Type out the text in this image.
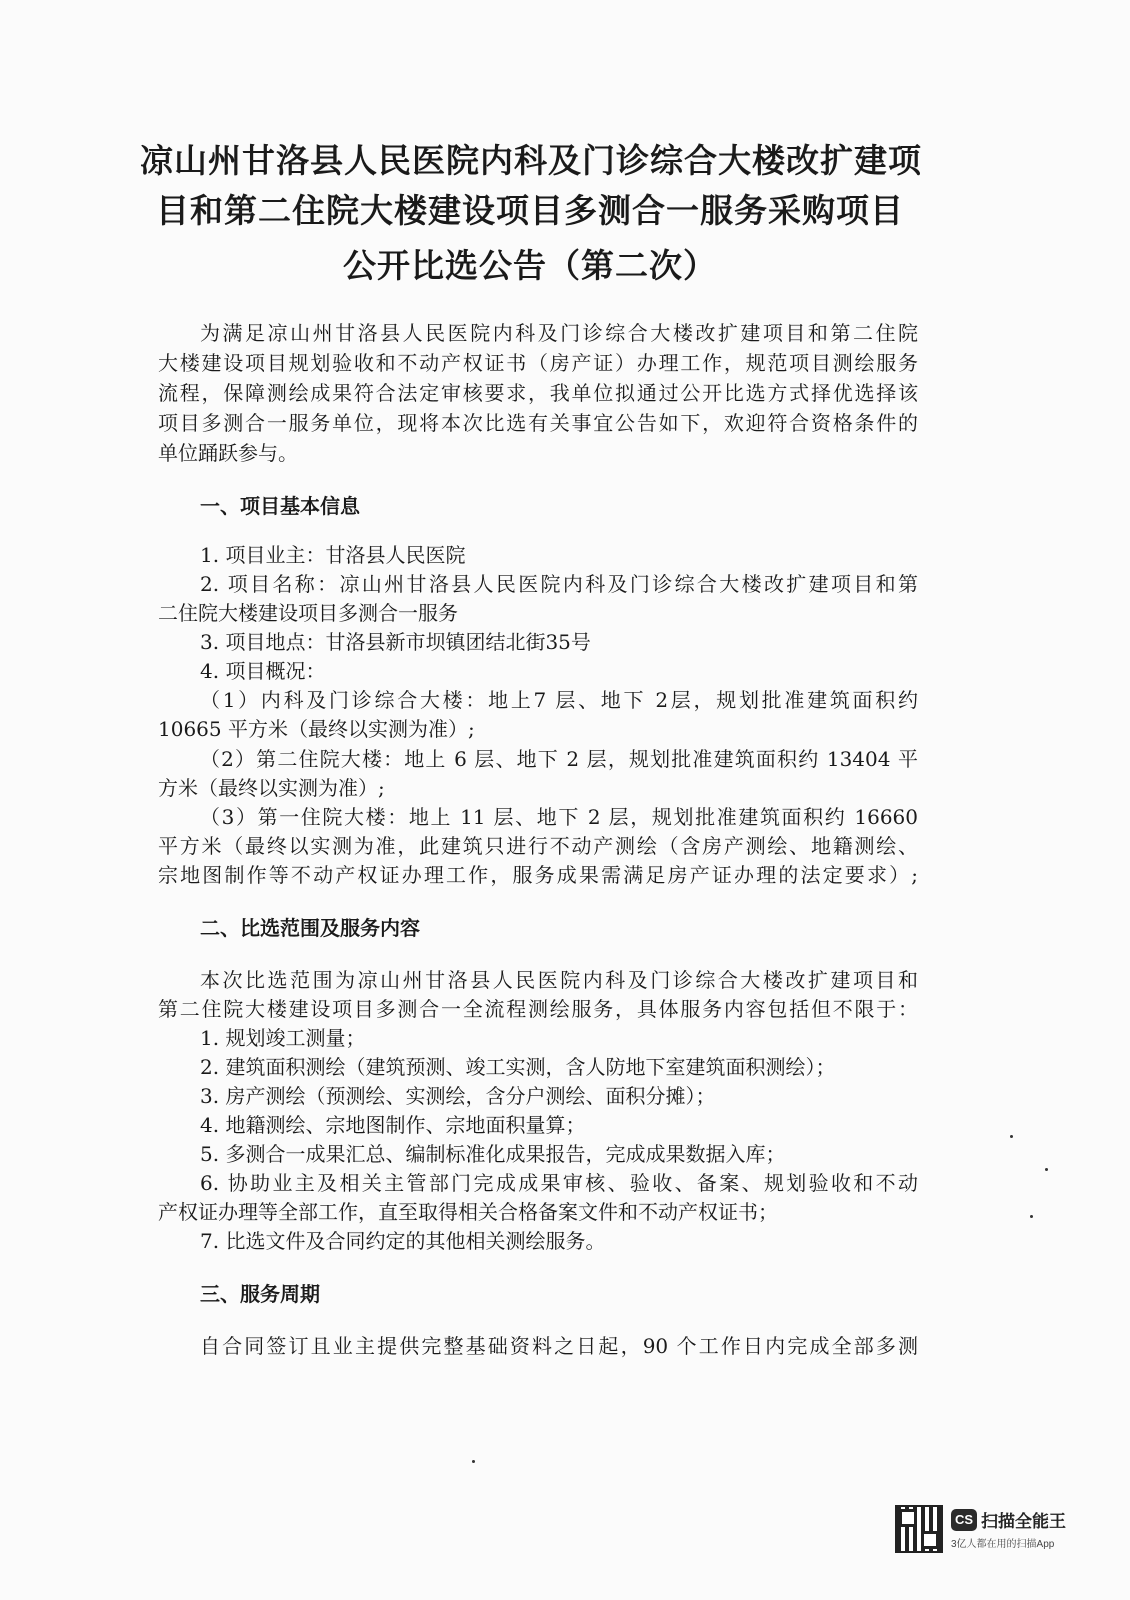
凉山州甘洛县人民医院内科及门诊综合大楼改扩建项
目和第二住院大楼建设项目多测合一服务采购项目
公开比选公告（第二次）
为满足凉山州甘洛县人民医院内科及门诊综合大楼改扩建项目和第二住院
大楼建设项目规划验收和不动产权证书（房产证）办理工作，规范项目测绘服务
流程，保障测绘成果符合法定审核要求，我单位拟通过公开比选方式择优选择该
项目多测合一服务单位，现将本次比选有关事宜公告如下，欢迎符合资格条件的
单位踊跃参与。
一、项目基本信息
1. 项目业主：甘洛县人民医院
2. 项目名称：凉山州甘洛县人民医院内科及门诊综合大楼改扩建项目和第
二住院大楼建设项目多测合一服务
3. 项目地点：甘洛县新市坝镇团结北街35号
4. 项目概况：
（1）内科及门诊综合大楼：地上7 层、地下 2层，规划批准建筑面积约
10665 平方米（最终以实测为准）;
（2）第二住院大楼：地上 6 层、地下 2 层，规划批准建筑面积约 13404 平
方米（最终以实测为准）;
（3）第一住院大楼：地上 11 层、地下 2 层，规划批准建筑面积约 16660
平方米（最终以实测为准，此建筑只进行不动产测绘（含房产测绘、地籍测绘、
宗地图制作等不动产权证办理工作，服务成果需满足房产证办理的法定要求）;
二、比选范围及服务内容
本次比选范围为凉山州甘洛县人民医院内科及门诊综合大楼改扩建项目和
第二住院大楼建设项目多测合一全流程测绘服务，具体服务内容包括但不限于：
1. 规划竣工测量；
2. 建筑面积测绘（建筑预测、竣工实测，含人防地下室建筑面积测绘）；
3. 房产测绘（预测绘、实测绘，含分户测绘、面积分摊）；
4. 地籍测绘、宗地图制作、宗地面积量算；
5. 多测合一成果汇总、编制标准化成果报告，完成成果数据入库；
6. 协助业主及相关主管部门完成成果审核、验收、备案、规划验收和不动
产权证办理等全部工作，直至取得相关合格备案文件和不动产权证书；
7. 比选文件及合同约定的其他相关测绘服务。
三、服务周期
自合同签订且业主提供完整基础资料之日起，90 个工作日内完成全部多测
CS 扫描全能王
3亿人都在用的扫描App
